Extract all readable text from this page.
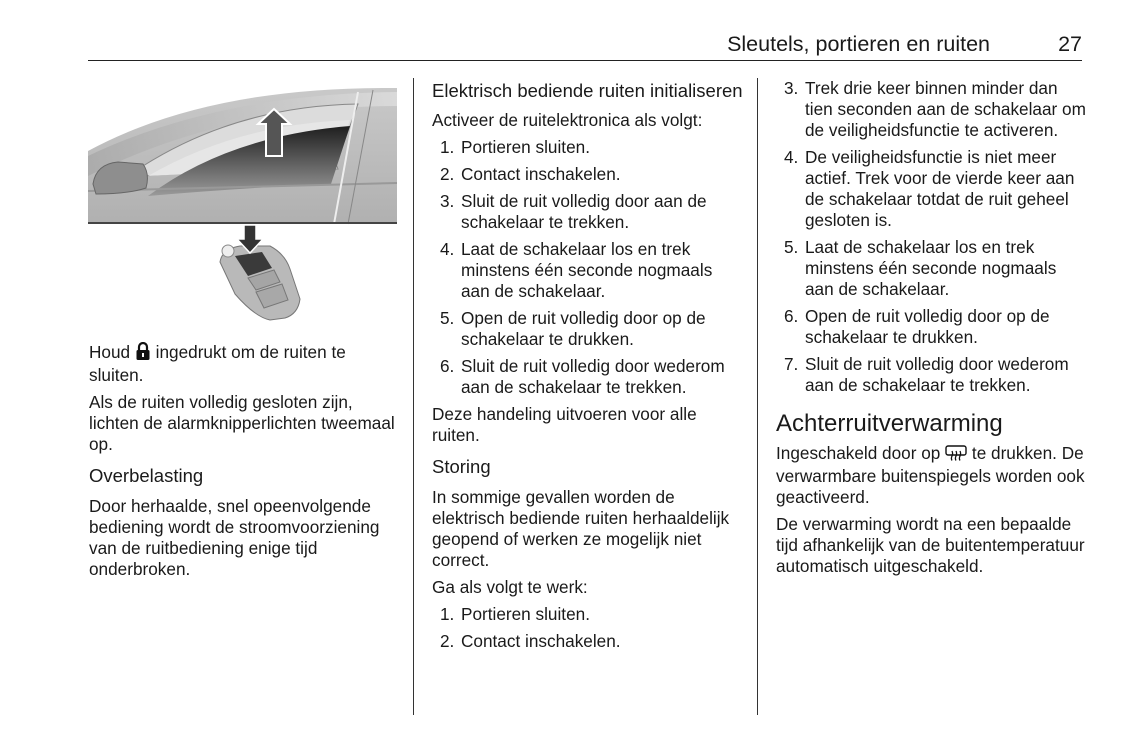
Sleutels, portieren en ruiten	27

Houd  ingedrukt om de ruiten te sluiten.

Als de ruiten volledig gesloten zijn, lichten de alarmknipperlichten tweemaal op.

Overbelasting

Door herhaalde, snel opeenvolgende bediening wordt de stroomvoorziening van de ruitbediening enige tijd onderbroken.

Elektrisch bediende ruiten initialiseren

Activeer de ruitelektronica als volgt:

1. Portieren sluiten.
2. Contact inschakelen.
3. Sluit de ruit volledig door aan de schakelaar te trekken.
4. Laat de schakelaar los en trek minstens één seconde nogmaals aan de schakelaar.
5. Open de ruit volledig door op de schakelaar te drukken.
6. Sluit de ruit volledig door wederom aan de schakelaar te trekken.

Deze handeling uitvoeren voor alle ruiten.

Storing

In sommige gevallen worden de elektrisch bediende ruiten herhaaldelijk geopend of werken ze mogelijk niet correct.

Ga als volgt te werk:

1. Portieren sluiten.
2. Contact inschakelen.
3. Trek drie keer binnen minder dan tien seconden aan de schakelaar om de veiligheidsfunctie te activeren.
4. De veiligheidsfunctie is niet meer actief. Trek voor de vierde keer aan de schakelaar totdat de ruit geheel gesloten is.
5. Laat de schakelaar los en trek minstens één seconde nogmaals aan de schakelaar.
6. Open de ruit volledig door op de schakelaar te drukken.
7. Sluit de ruit volledig door wederom aan de schakelaar te trekken.
Achterruitverwarming

Ingeschakeld door op  te drukken. De verwarmbare buitenspiegels worden ook geactiveerd.

De verwarming wordt na een bepaalde tijd afhankelijk van de buitentemperatuur automatisch uitgeschakeld.
